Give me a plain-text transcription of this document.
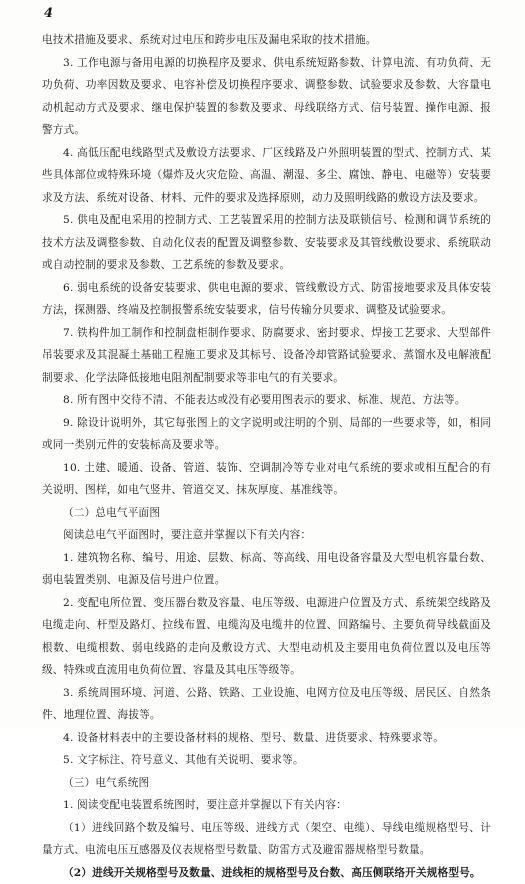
4

电技术措施及要求、系统对过电压和跨步电压及漏电采取的技术措施。

3. 工作电源与备用电源的切换程序及要求、供电系统短路参数、计算电流、有功负荷、无功负荷、功率因数及要求、电容补偿及切换程序要求、调整参数、试验要求及参数、大容量电动机起动方式及要求、继电保护装置的参数及要求、母线联络方式、信号装置、操作电源、报警方式。

4. 高低压配电线路型式及敷设方法要求、厂区线路及户外照明装置的型式、控制方式、某些具体部位或特殊环境（爆炸及火灾危险、高温、潮湿、多尘、腐蚀、静电、电磁等）安装要求及方法、系统对设备、材料、元件的要求及选择原则，动力及照明线路的敷设方法及要求。

5. 供电及配电采用的控制方式、工艺装置采用的控制方法及联锁信号、检测和调节系统的技术方法及调整参数、自动化仪表的配置及调整参数、安装要求及其管线敷设要求、系统联动或自动控制的要求及参数、工艺系统的参数及要求。

6. 弱电系统的设备安装要求、供电电源的要求、管线敷设方式、防雷接地要求及具体安装方法，探测器、终端及控制报警系统安装要求，信号传输分贝要求、调整及试验要求。

7. 铁构件加工制作和控制盘柜制作要求、防腐要求、密封要求、焊接工艺要求、大型部件吊装要求及其混凝土基础工程施工要求及其标号、设备冷却管路试验要求、蒸馏水及电解液配制要求、化学法降低接地电阻剂配制要求等非电气的有关要求。

8. 所有图中交待不清、不能表达或没有必要用图表示的要求、标准、规范、方法等。

9. 除设计说明外，其它每张图上的文字说明或注明的个别、局部的一些要求等，如，相同或同一类别元件的安装标高及要求等。

10. 土建、暖通、设备、管道、装饰、空调制冷等专业对电气系统的要求或相互配合的有关说明、图样，如电气竖井、管道交叉、抹灰厚度、基准线等。

（二）总电气平面图

阅读总电气平面图时，要注意并掌握以下有关内容：

1. 建筑物名称、编号、用途、层数、标高、等高线、用电设备容量及大型电机容量台数、弱电装置类别、电源及信号进户位置。

2. 变配电所位置、变压器台数及容量、电压等级、电源进户位置及方式、系统架空线路及电缆走向、杆型及路灯、拉线布置、电缆沟及电缆井的位置、回路编号、主要负荷导线截面及根数、电缆根数、弱电线路的走向及敷设方式、大型电动机及主要用电负荷位置以及电压等级、特殊或直流用电负荷位置、容量及其电压等级等。

3. 系统周围环境、河道、公路、铁路、工业设施、电网方位及电压等级、居民区、自然条件、地理位置、海拔等。

4. 设备材料表中的主要设备材料的规格、型号、数量、进货要求、特殊要求等。

5. 文字标注、符号意义、其他有关说明、要求等。

（三）电气系统图

1. 阅读变配电装置系统图时，要注意并掌握以下有关内容：

（1）进线回路个数及编号、电压等级、进线方式（架空、电缆）、导线电缆规格型号、计量方式、电流电压互感器及仪表规格型号数量、防雷方式及避雷器规格型号数量。

（2）进线开关规格型号及数量、进线柜的规格型号及台数、高压侧联络开关规格型号。
